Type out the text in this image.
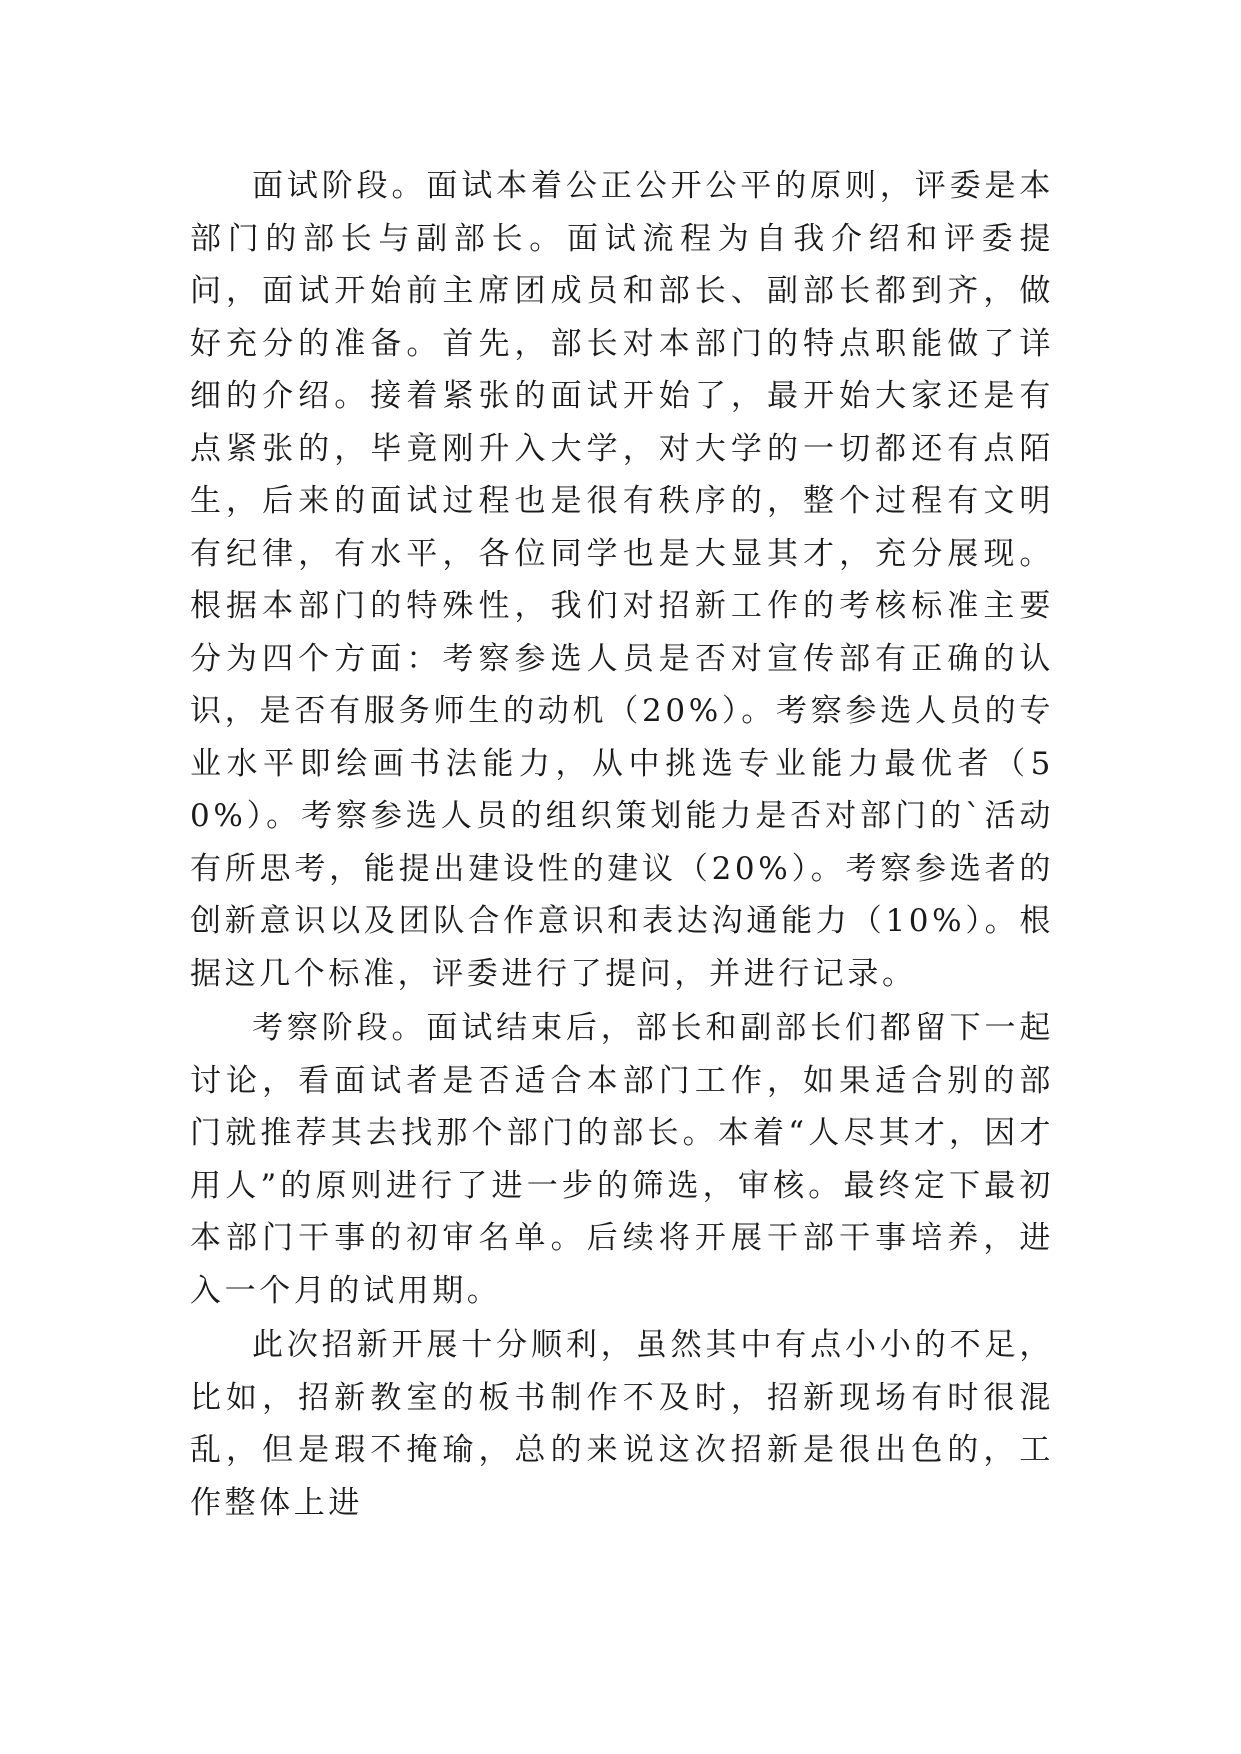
面试阶段。面试本着公正公开公平的原则，评委是本部门的部长与副部长。面试流程为自我介绍和评委提问，面试开始前主席团成员和部长、副部长都到齐，做好充分的准备。首先，部长对本部门的特点职能做了详细的介绍。接着紧张的面试开始了，最开始大家还是有点紧张的，毕竟刚升入大学，对大学的一切都还有点陌生，后来的面试过程也是很有秩序的，整个过程有文明有纪律，有水平，各位同学也是大显其才，充分展现。根据本部门的特殊性，我们对招新工作的考核标准主要分为四个方面：考察参选人员是否对宣传部有正确的认识，是否有服务师生的动机（20%）。考察参选人员的专业水平即绘画书法能力，从中挑选专业能力最优者（50%）。考察参选人员的组织策划能力是否对部门的`活动有所思考，能提出建设性的建议（20%）。考察参选者的创新意识以及团队合作意识和表达沟通能力（10%）。根据这几个标准，评委进行了提问，并进行记录。

考察阶段。面试结束后，部长和副部长们都留下一起讨论，看面试者是否适合本部门工作，如果适合别的部门就推荐其去找那个部门的部长。本着“人尽其才，因才用人”的原则进行了进一步的筛选，审核。最终定下最初本部门干事的初审名单。后续将开展干部干事培养，进入一个月的试用期。

此次招新开展十分顺利，虽然其中有点小小的不足，比如，招新教室的板书制作不及时，招新现场有时很混乱，但是瑕不掩瑜，总的来说这次招新是很出色的，工作整体上进
